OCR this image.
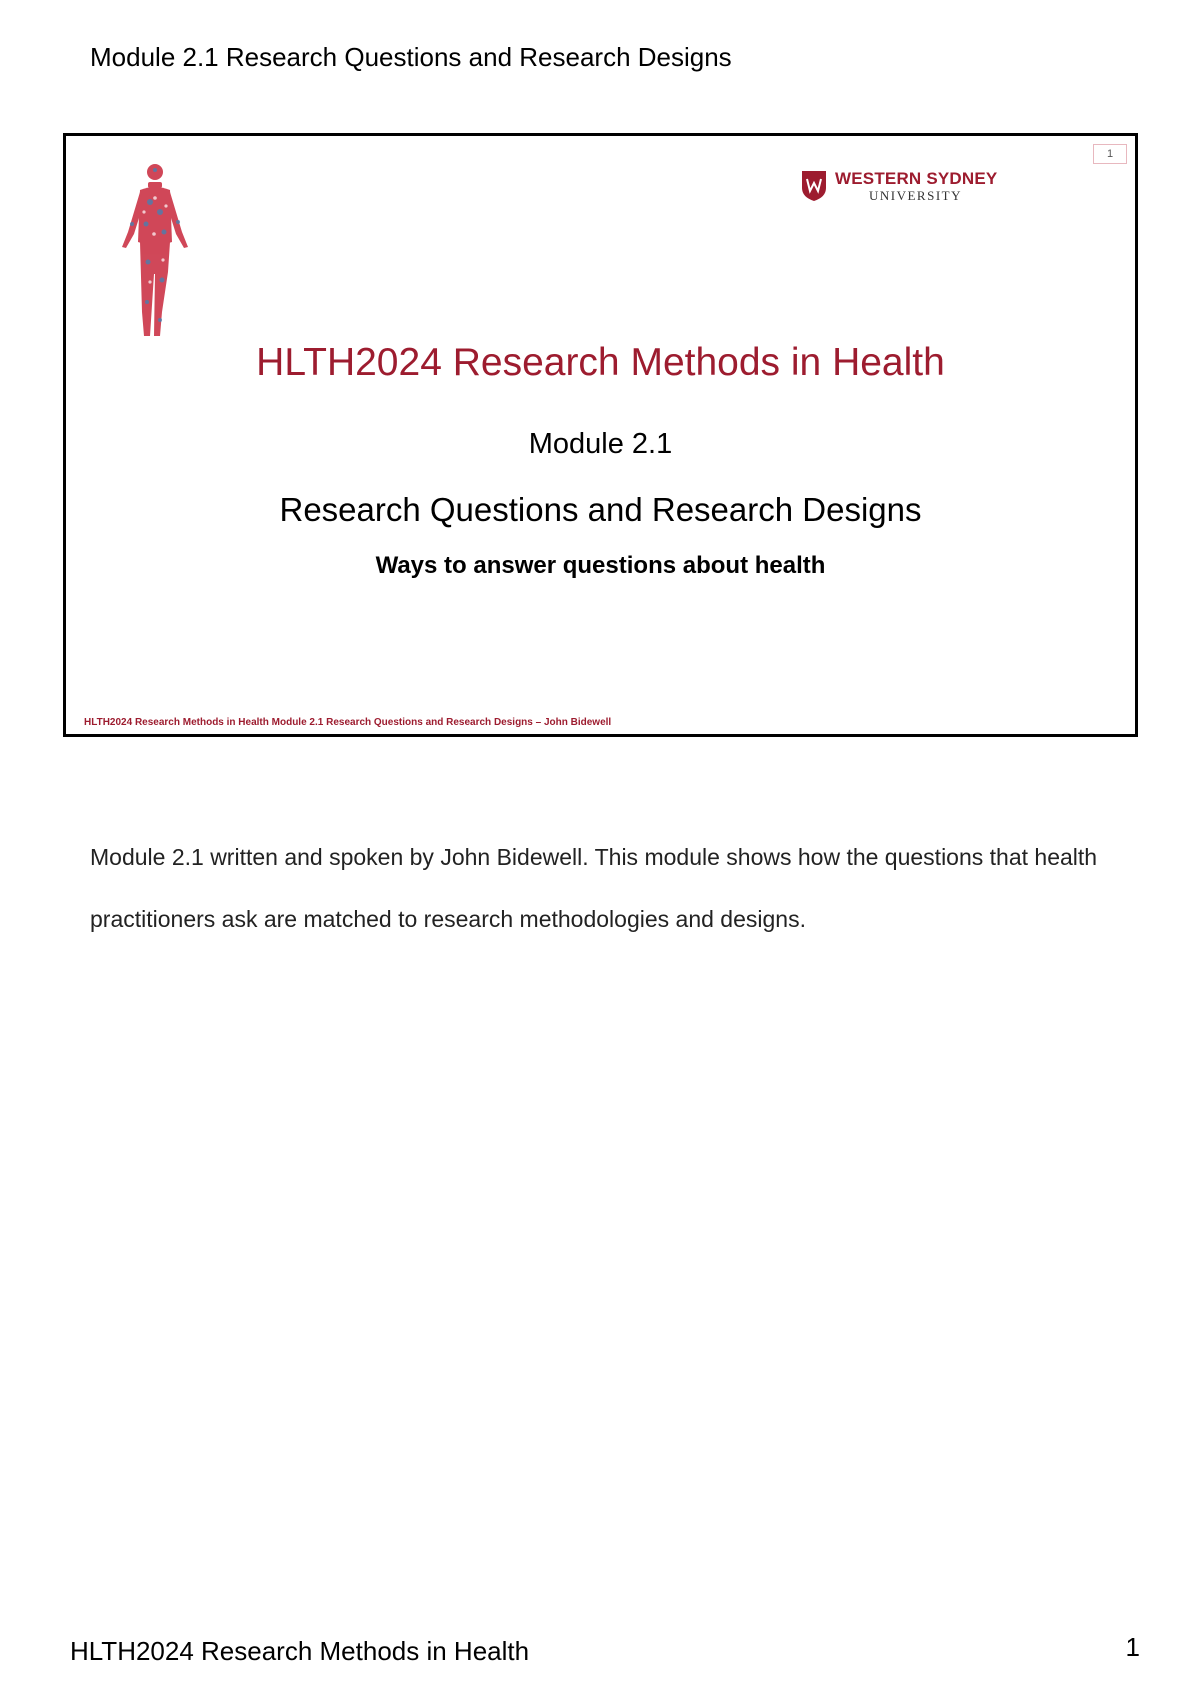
Module 2.1 Research Questions and Research Designs
1
WESTERN SYDNEY
UNIVERSITY
HLTH2024 Research Methods in Health
Module 2.1
Research Questions and Research Designs
Ways to answer questions about health
HLTH2024 Research Methods in Health Module 2.1 Research Questions and Research Designs – John Bidewell
Module 2.1 written and spoken by John Bidewell. This module shows how the questions that health practitioners ask are matched to research methodologies and designs.
HLTH2024 Research Methods in Health	1
